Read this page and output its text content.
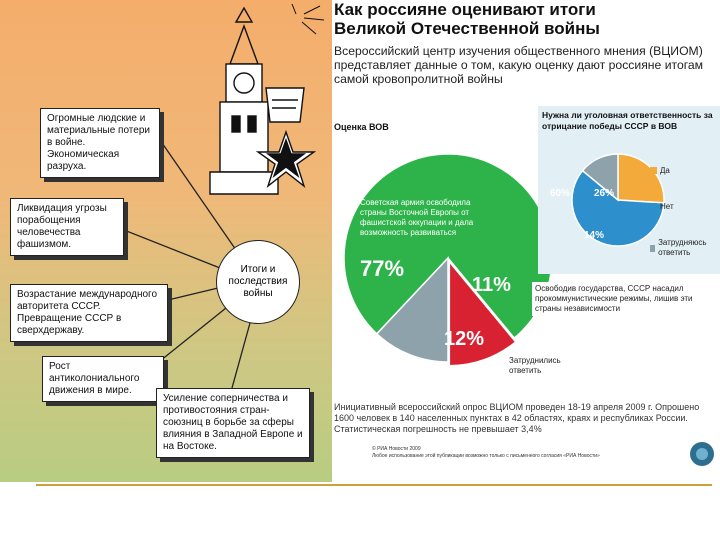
Огромные людские и материальные потери в войне. Экономическая разруха.
Ликвидация угрозы порабощения человечества фашизмом.
Возрастание международного авторитета СССР. Превращение СССР в сверхдержаву.
Рост антиколониального движения в мире.
Усиление соперничества и противостояния стран-союзниц в борьбе за сферы влияния в Западной Европе и на Востоке.
Итоги и последствия войны
Как россияне оценивают итоги
Великой Отечественной войны
Всероссийский центр изучения общественного мнения (ВЦИОМ) представляет данные о том, какую оценку дают россияне итогам самой кровопролитной войны
Оценка ВОВ
Советская армия освободила страны Восточной Европы от фашистской оккупации и дала возможность развиваться
77%
11%
12%
Освободив государства, СССР насадил прокоммунистические режимы, лишив эти страны независимости
Затруднились ответить
Нужна ли уголовная ответственность за отрицание победы СССР в ВОВ
60% 26%
14%
Да
Нет
Затрудняюсь ответить
Инициативный всероссийский опрос ВЦИОМ проведен 18-19 апреля 2009 г. Опрошено 1600 человек в 140 населенных пунктах в 42 областях, краях и республиках России. Статистическая погрешность не превышает 3,4%
© РИА Новости 2009
Любое использование этой публикации возможно только с письменного согласия «РИА Новости»
